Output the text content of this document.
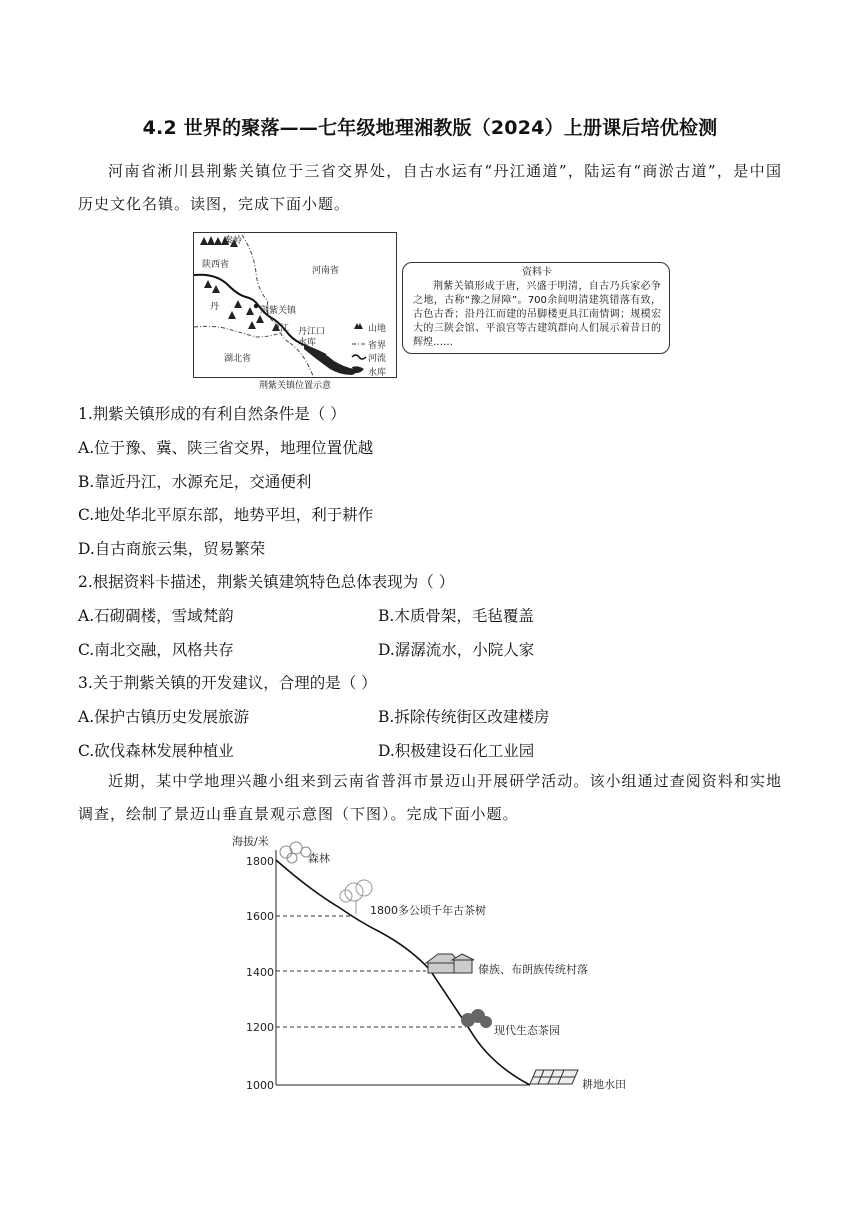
4.2 世界的聚落——七年级地理湘教版（2024）上册课后培优检测

河南省淅川县荆紫关镇位于三省交界处，自古水运有“丹江通道”，陆运有“商淤古道”，是中国历史文化名镇。读图，完成下面小题。

秦岭
陕西省
河南省
湖北省
荆紫关镇
丹
江 丹江口水库
山地
省界
河流
水库
荆紫关镇位置示意
资料卡
荆紫关镇形成于唐，兴盛于明清，自古乃兵家必争之地，古称“豫之屏障”。700余间明清建筑错落有致，古色古香；沿丹江而建的吊脚楼更具江南情调；规模宏大的三陕会馆、平浪宫等古建筑群向人们展示着昔日的辉煌……
1.荆紫关镇形成的有利自然条件是（ ）
A.位于豫、冀、陕三省交界，地理位置优越
B.靠近丹江，水源充足，交通便利
C.地处华北平原东部，地势平坦，利于耕作
D.自古商旅云集，贸易繁荣
2.根据资料卡描述，荆紫关镇建筑特色总体表现为（ ）
A.石砌碉楼，雪域梵韵	B.木质骨架，毛毡覆盖
C.南北交融，风格共存	D.潺潺流水，小院人家
3.关于荆紫关镇的开发建议，合理的是（ ）
A.保护古镇历史发展旅游	B.拆除传统街区改建楼房
C.砍伐森林发展种植业	D.积极建设石化工业园

近期，某中学地理兴趣小组来到云南省普洱市景迈山开展研学活动。该小组通过查阅资料和实地调查，绘制了景迈山垂直景观示意图（下图）。完成下面小题。

海拔/米
1800
1600
1400
1200
1000
森林
1800多公顷千年古茶树
傣族、布朗族传统村落
现代生态茶园
耕地水田
